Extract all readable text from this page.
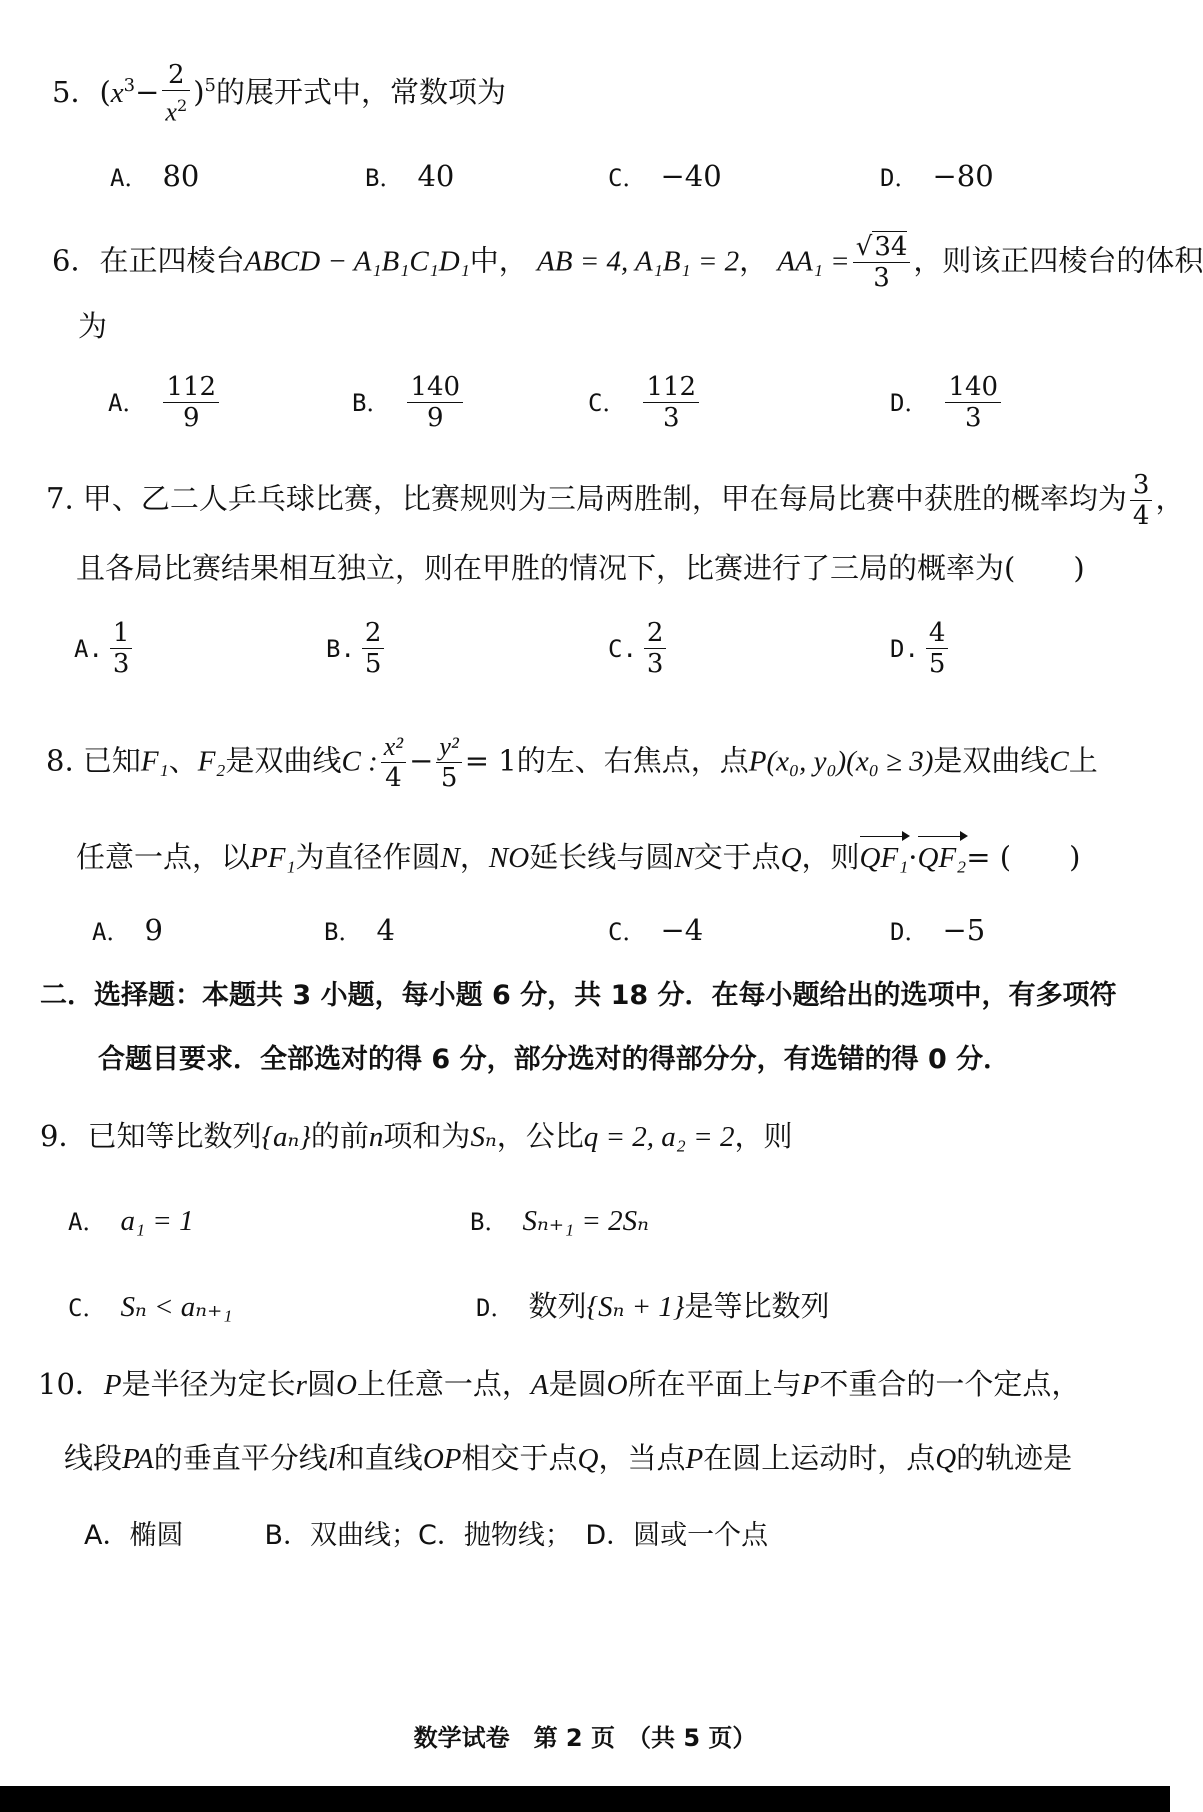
5．$(x^3- \frac{2}{x^2} )^5$的展开式中，常数项为
A． 80	B． 40	C． −40	D． −80
6．在正四棱台ABCD − A₁B₁C₁D₁中， AB = 4, A₁B₁ = 2， $AA_1 = \frac{√34}{3}$ ，则该正四棱台的体积
为
A． $\frac{112}{9}$	B． $\frac{140}{9}$	C． $\frac{112}{3}$	D． $\frac{140}{3}$
7. 甲、乙二人乒乓球比赛，比赛规则为三局两胜制，甲在每局比赛中获胜的概率均为 $\frac{3}{4}$ ，
且各局比赛结果相互独立，则在甲胜的情况下，比赛进行了三局的概率为(　　)
A. $\frac{1}{3}$	B. $\frac{2}{5}$	C. $\frac{2}{3}$	D. $\frac{4}{5}$
8. 已知F₁、F₂是双曲线C : $\frac{\text{x²}}{4} - \frac{\text{y²}}{5} = 1$的左、右焦点，点P(x₀, y₀)(x₀ ≥ 3)是双曲线C上
任意一点，以PF₁为直径作圆N，NO延长线与圆N交于点Q，则QF₁·QF₂= (　　)
A． 9	B． 4	C． −4	D． −5
二．选择题：本题共 3 小题，每小题 6 分，共 18 分．在每小题给出的选项中，有多项符
合题目要求．全部选对的得 6 分，部分选对的得部分分，有选错的得 0 分．
9．已知等比数列{aₙ}的前n项和为Sₙ，公比q = 2, a₂ = 2，则
A． a₁ = 1	B． Sₙ₊₁ = 2Sₙ
C． Sₙ < aₙ₊₁	D． 数列{Sₙ + 1}是等比数列
10．P是半径为定长r圆O上任意一点，A是圆O所在平面上与P不重合的一个定点，
线段PA的垂直平分线l和直线OP相交于点Q，当点P在圆上运动时，点Q的轨迹是
A．椭圆　　　B．双曲线；C．抛物线；　D．圆或一个点
数学试卷　第 2 页　（共 5 页）
